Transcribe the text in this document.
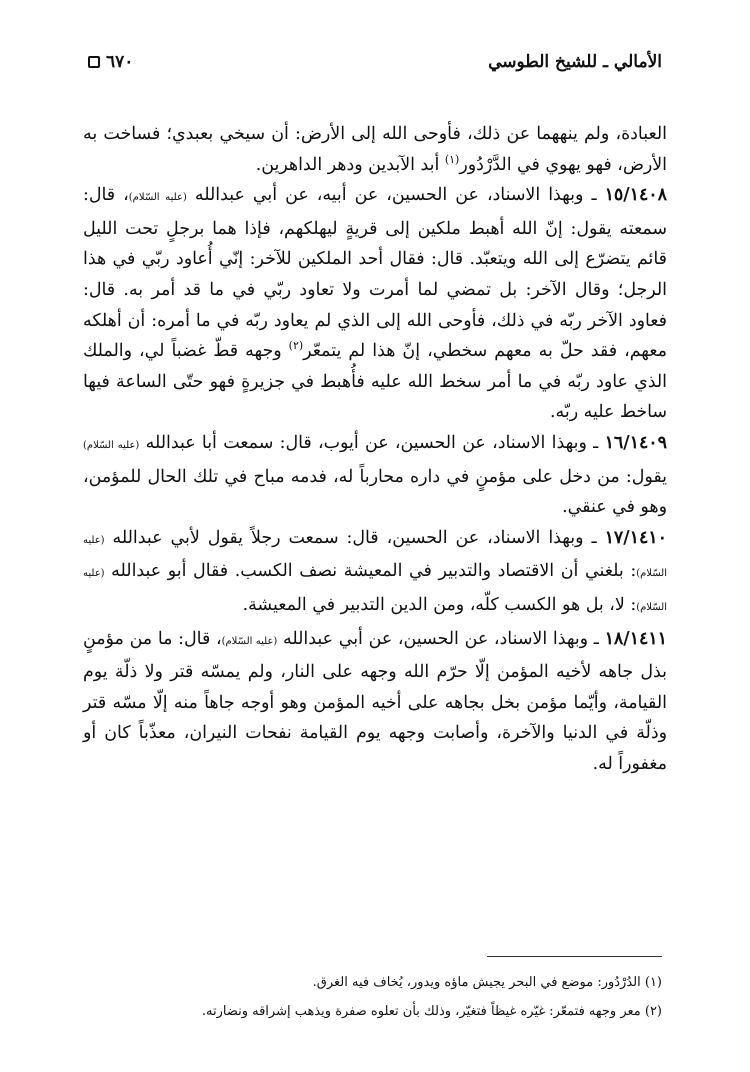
الأمالي ـ للشيخ الطوسي
٦٧٠

العبادة، ولم ينههما عن ذلك، فأوحى الله إلى الأرض: أن سيخي بعبدي؛ فساخت به الأرض، فهو يهوي في الدَّرْدُور$^{(١)}$ أبد الآبدين ودهر الداهرين.

١٥/١٤٠٨ ـ وبهذا الاسناد، عن الحسين، عن أبيه، عن أبي عبدالله (عليه السّلام)، قال: سمعته يقول: إنّ الله أهبط ملكين إلى قريةٍ ليهلكهم، فإذا هما برجلٍ تحت الليل قائم يتضرّع إلى الله ويتعبّد. قال: فقال أحد الملكين للآخر: إنّي أُعاود ربّي في هذا الرجل؛ وقال الآخر: بل تمضي لما أمرت ولا تعاود ربّي في ما قد أمر به. قال: فعاود الآخر ربّه في ذلك، فأوحى الله إلى الذي لم يعاود ربّه في ما أمره: أن أهلكه معهم، فقد حلّ به معهم سخطي، إنّ هذا لم يتمعّر$^{(٢)}$ وجهه قطّ غضباً لي، والملك الذي عاود ربّه في ما أمر سخط الله عليه فأُهبط في جزيرةٍ فهو حتّى الساعة فيها ساخط عليه ربّه.

١٦/١٤٠٩ ـ وبهذا الاسناد، عن الحسين، عن أيوب، قال: سمعت أبا عبدالله (عليه السّلام) يقول: من دخل على مؤمنٍ في داره محارباً له، فدمه مباح في تلك الحال للمؤمن، وهو في عنقي.

١٧/١٤١٠ ـ وبهذا الاسناد، عن الحسين، قال: سمعت رجلاً يقول لأبي عبدالله (عليه السّلام): بلغني أن الاقتصاد والتدبير في المعيشة نصف الكسب. فقال أبو عبدالله (عليه السّلام): لا، بل هو الكسب كلّه، ومن الدين التدبير في المعيشة.

١٨/١٤١١ ـ وبهذا الاسناد، عن الحسين، عن أبي عبدالله (عليه السّلام)، قال: ما من مؤمنٍ بذل جاهه لأخيه المؤمن إلّا حرّم الله وجهه على النار، ولم يمسّه قتر ولا ذلّة يوم القيامة، وأيّما مؤمن بخل بجاهه على أخيه المؤمن وهو أوجه جاهاً منه إلّا مسّه قتر وذلّة في الدنيا والآخرة، وأصابت وجهه يوم القيامة نفحات النيران، معذّباً كان أو مغفوراً له.

(١) الدُرْدُور: موضع في البحر يجيش ماؤه ويدور، يُخاف فيه الغرق.

(٢) معر وجهه فتمعّر: غيّره غيظاً فتغيّر، وذلك بأن تعلوه صفرة ويذهب إشراقه ونضارته.
